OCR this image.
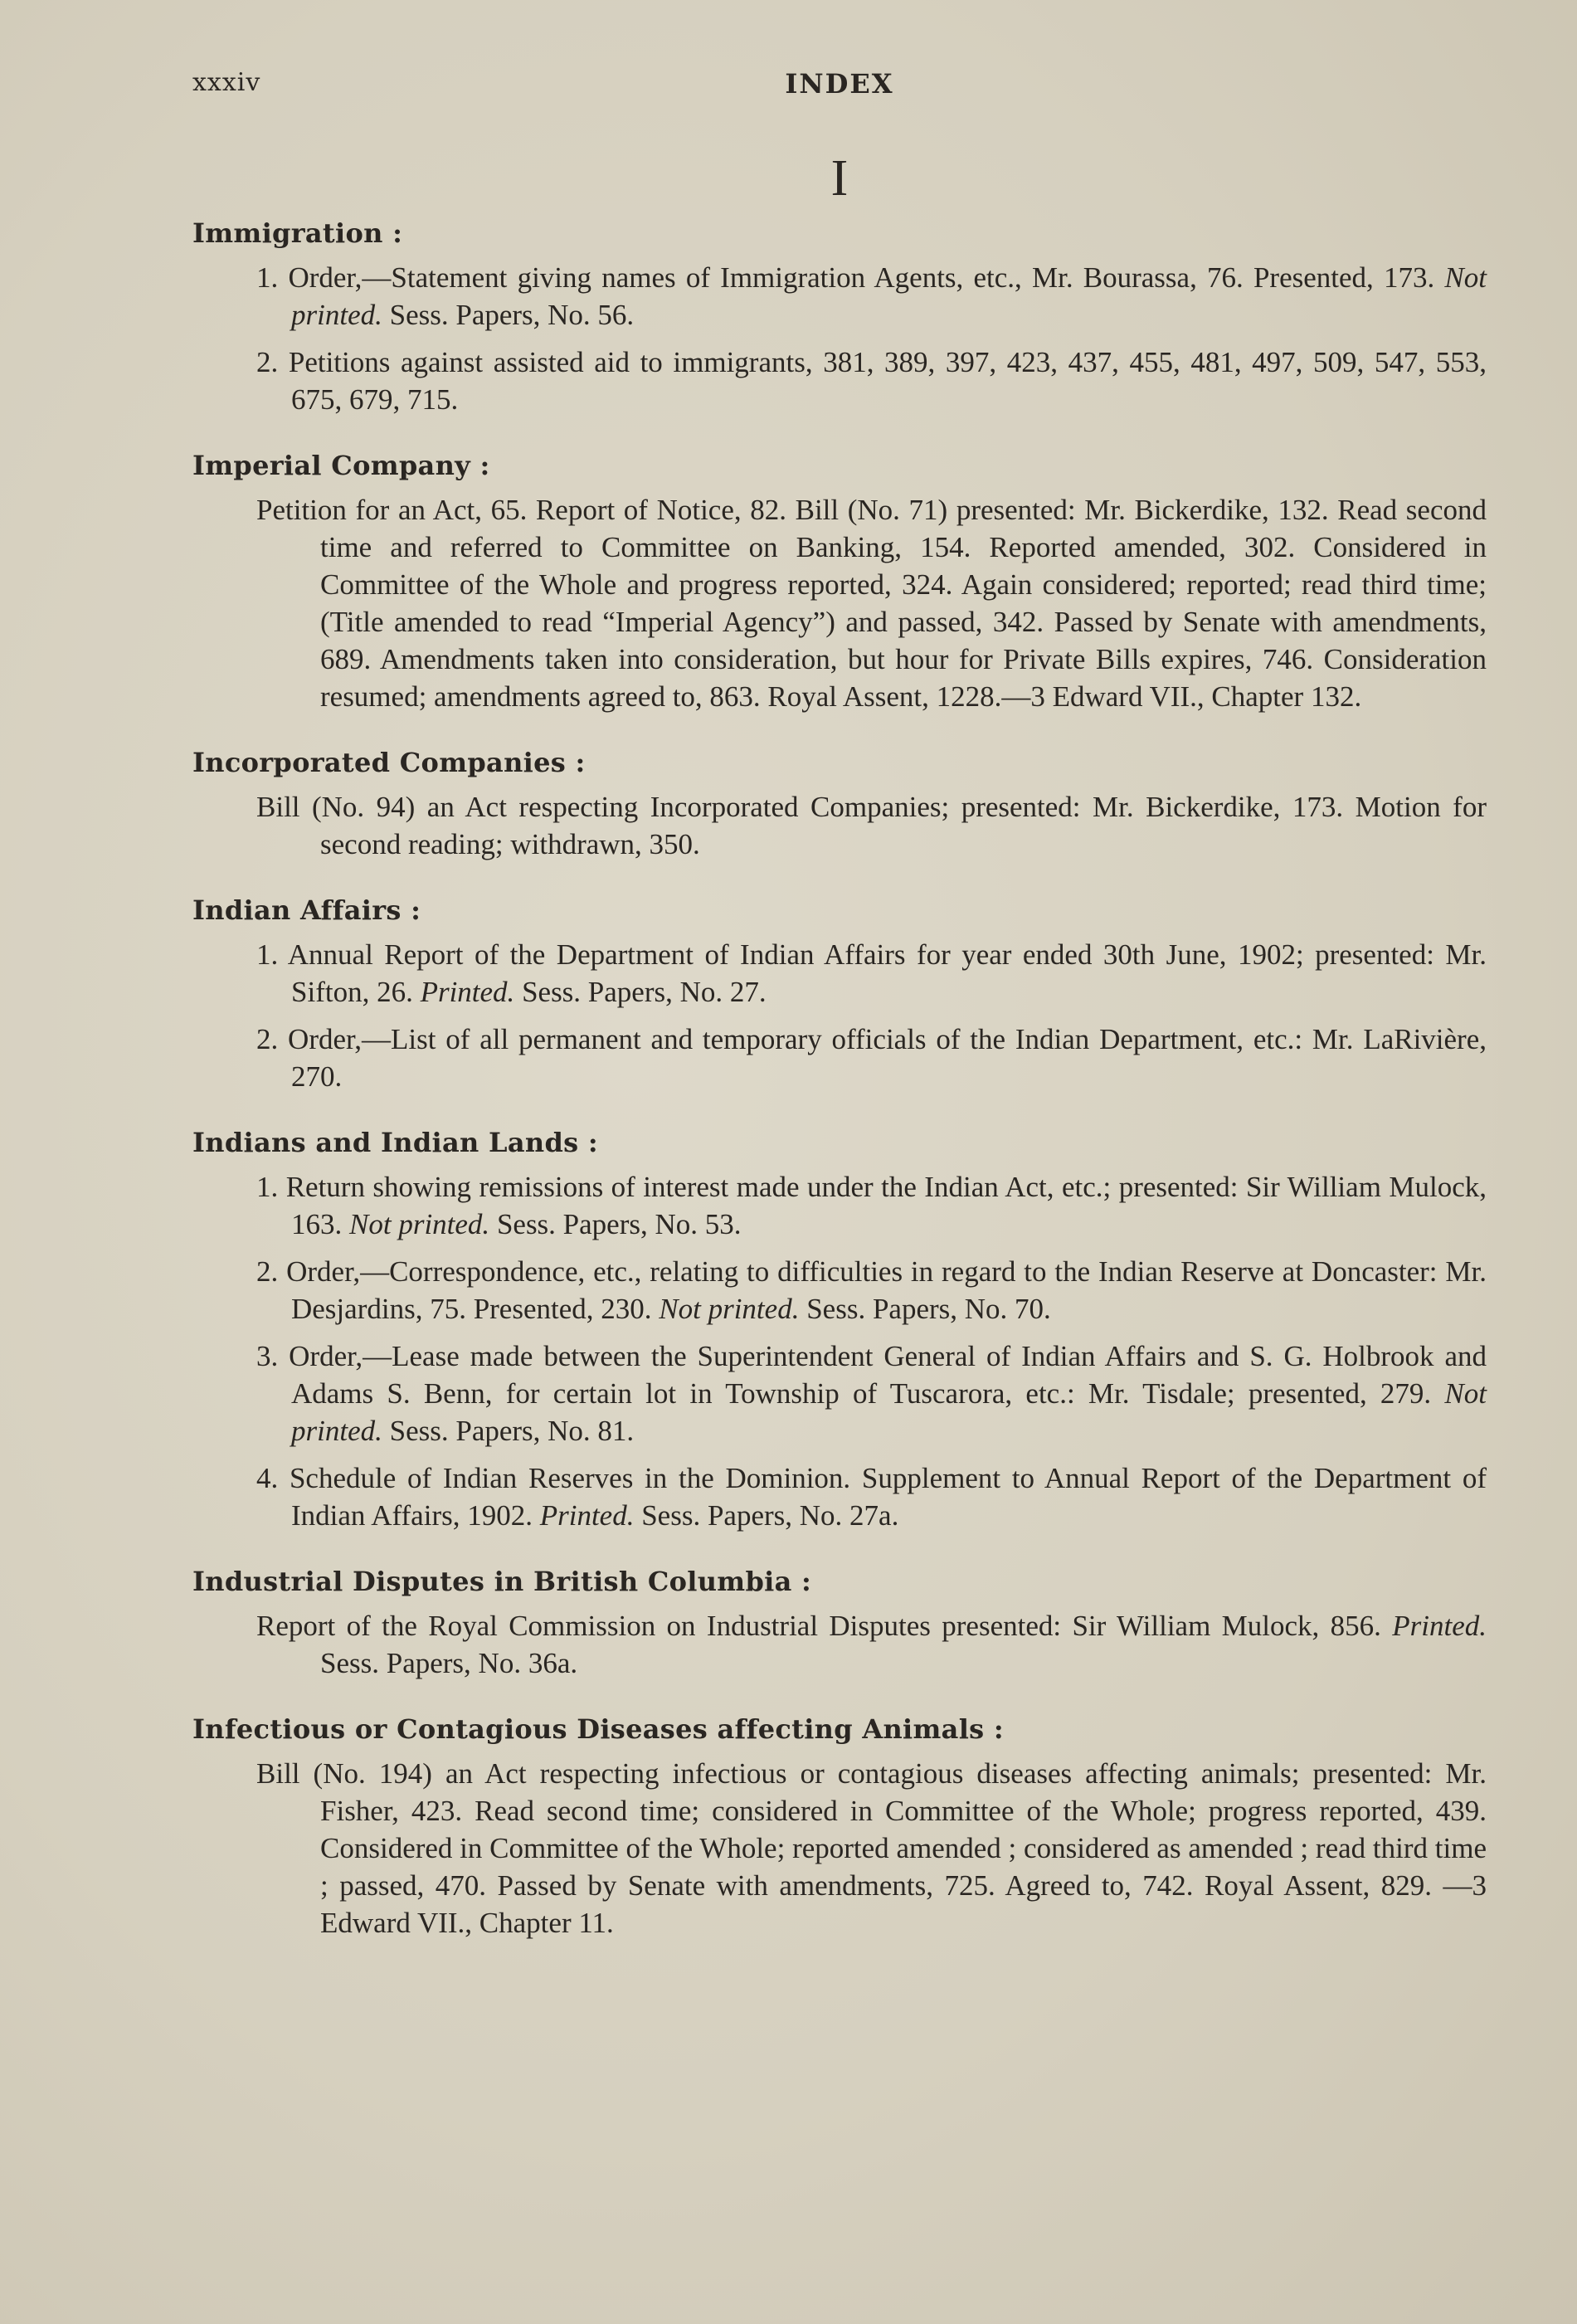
xxxiv	INDEX
I
Immigration :
1. Order,—Statement giving names of Immigration Agents, etc., Mr. Bourassa, 76. Presented, 173. Not printed. Sess. Papers, No. 56.
2. Petitions against assisted aid to immigrants, 381, 389, 397, 423, 437, 455, 481, 497, 509, 547, 553, 675, 679, 715.
Imperial Company :
Petition for an Act, 65. Report of Notice, 82. Bill (No. 71) presented: Mr. Bickerdike, 132. Read second time and referred to Committee on Banking, 154. Reported amended, 302. Considered in Committee of the Whole and progress reported, 324. Again considered; reported; read third time; (Title amended to read “Imperial Agency”) and passed, 342. Passed by Senate with amendments, 689. Amendments taken into consideration, but hour for Private Bills expires, 746. Consideration resumed; amendments agreed to, 863. Royal Assent, 1228.—3 Edward VII., Chapter 132.
Incorporated Companies :
Bill (No. 94) an Act respecting Incorporated Companies; presented: Mr. Bickerdike, 173. Motion for second reading; withdrawn, 350.
Indian Affairs :
1. Annual Report of the Department of Indian Affairs for year ended 30th June, 1902; presented: Mr. Sifton, 26. Printed. Sess. Papers, No. 27.
2. Order,—List of all permanent and temporary officials of the Indian Department, etc.: Mr. LaRivière, 270.
Indians and Indian Lands :
1. Return showing remissions of interest made under the Indian Act, etc.; presented: Sir William Mulock, 163. Not printed. Sess. Papers, No. 53.
2. Order,—Correspondence, etc., relating to difficulties in regard to the Indian Reserve at Doncaster: Mr. Desjardins, 75. Presented, 230. Not printed. Sess. Papers, No. 70.
3. Order,—Lease made between the Superintendent General of Indian Affairs and S. G. Holbrook and Adams S. Benn, for certain lot in Township of Tuscarora, etc.: Mr. Tisdale; presented, 279. Not printed. Sess. Papers, No. 81.
4. Schedule of Indian Reserves in the Dominion. Supplement to Annual Report of the Department of Indian Affairs, 1902. Printed. Sess. Papers, No. 27a.
Industrial Disputes in British Columbia :
Report of the Royal Commission on Industrial Disputes presented: Sir William Mulock, 856. Printed. Sess. Papers, No. 36a.
Infectious or Contagious Diseases affecting Animals :
Bill (No. 194) an Act respecting infectious or contagious diseases affecting animals; presented: Mr. Fisher, 423. Read second time; considered in Committee of the Whole; progress reported, 439. Considered in Committee of the Whole; reported amended ; considered as amended ; read third time ; passed, 470. Passed by Senate with amendments, 725. Agreed to, 742. Royal Assent, 829. —3 Edward VII., Chapter 11.
